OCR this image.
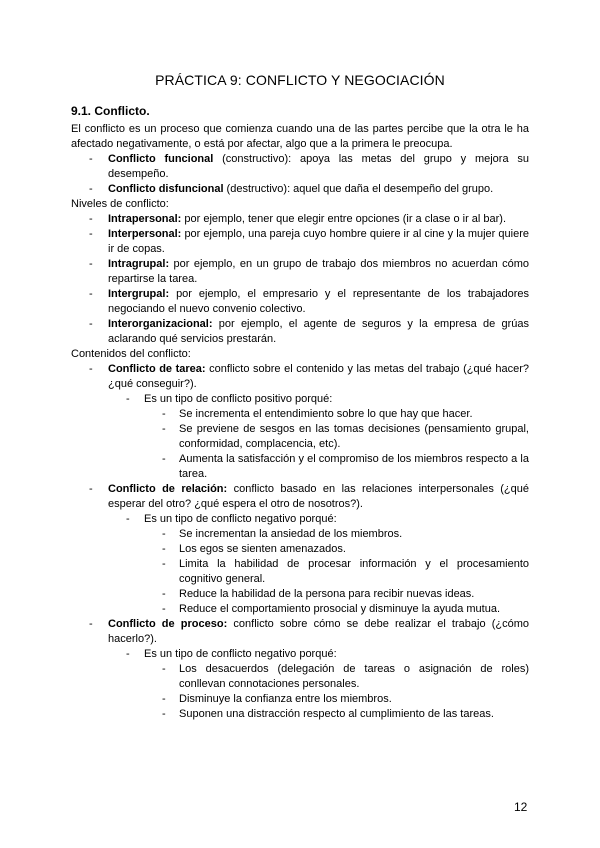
PRÁCTICA 9: CONFLICTO Y NEGOCIACIÓN
9.1. Conflicto.

El conflicto es un proceso que comienza cuando una de las partes percibe que la otra le ha afectado negativamente, o está por afectar, algo que a la primera le preocupa.

- Conflicto funcional (constructivo): apoya las metas del grupo y mejora su desempeño.
- Conflicto disfuncional (destructivo): aquel que daña el desempeño del grupo.

Niveles de conflicto:

- Intrapersonal: por ejemplo, tener que elegir entre opciones (ir a clase o ir al bar).
- Interpersonal: por ejemplo, una pareja cuyo hombre quiere ir al cine y la mujer quiere ir de copas.
- Intragrupal: por ejemplo, en un grupo de trabajo dos miembros no acuerdan cómo repartirse la tarea.
- Intergrupal: por ejemplo, el empresario y el representante de los trabajadores negociando el nuevo convenio colectivo.
- Interorganizacional: por ejemplo, el agente de seguros y la empresa de grúas aclarando qué servicios prestarán.

Contenidos del conflicto:

- Conflicto de tarea: conflicto sobre el contenido y las metas del trabajo (¿qué hacer? ¿qué conseguir?).
- Es un tipo de conflicto positivo porqué:
- Se incrementa el entendimiento sobre lo que hay que hacer.
- Se previene de sesgos en las tomas decisiones (pensamiento grupal, conformidad, complacencia, etc).
- Aumenta la satisfacción y el compromiso de los miembros respecto a la tarea.
- Conflicto de relación: conflicto basado en las relaciones interpersonales (¿qué esperar del otro? ¿qué espera el otro de nosotros?).
- Es un tipo de conflicto negativo porqué:
- Se incrementan la ansiedad de los miembros.
- Los egos se sienten amenazados.
- Limita la habilidad de procesar información y el procesamiento cognitivo general.
- Reduce la habilidad de la persona para recibir nuevas ideas.
- Reduce el comportamiento prosocial y disminuye la ayuda mutua.
- Conflicto de proceso: conflicto sobre cómo se debe realizar el trabajo (¿cómo hacerlo?).
- Es un tipo de conflicto negativo porqué:
- Los desacuerdos (delegación de tareas o asignación de roles) conllevan connotaciones personales.
- Disminuye la confianza entre los miembros.
- Suponen una distracción respecto al cumplimiento de las tareas.
12
